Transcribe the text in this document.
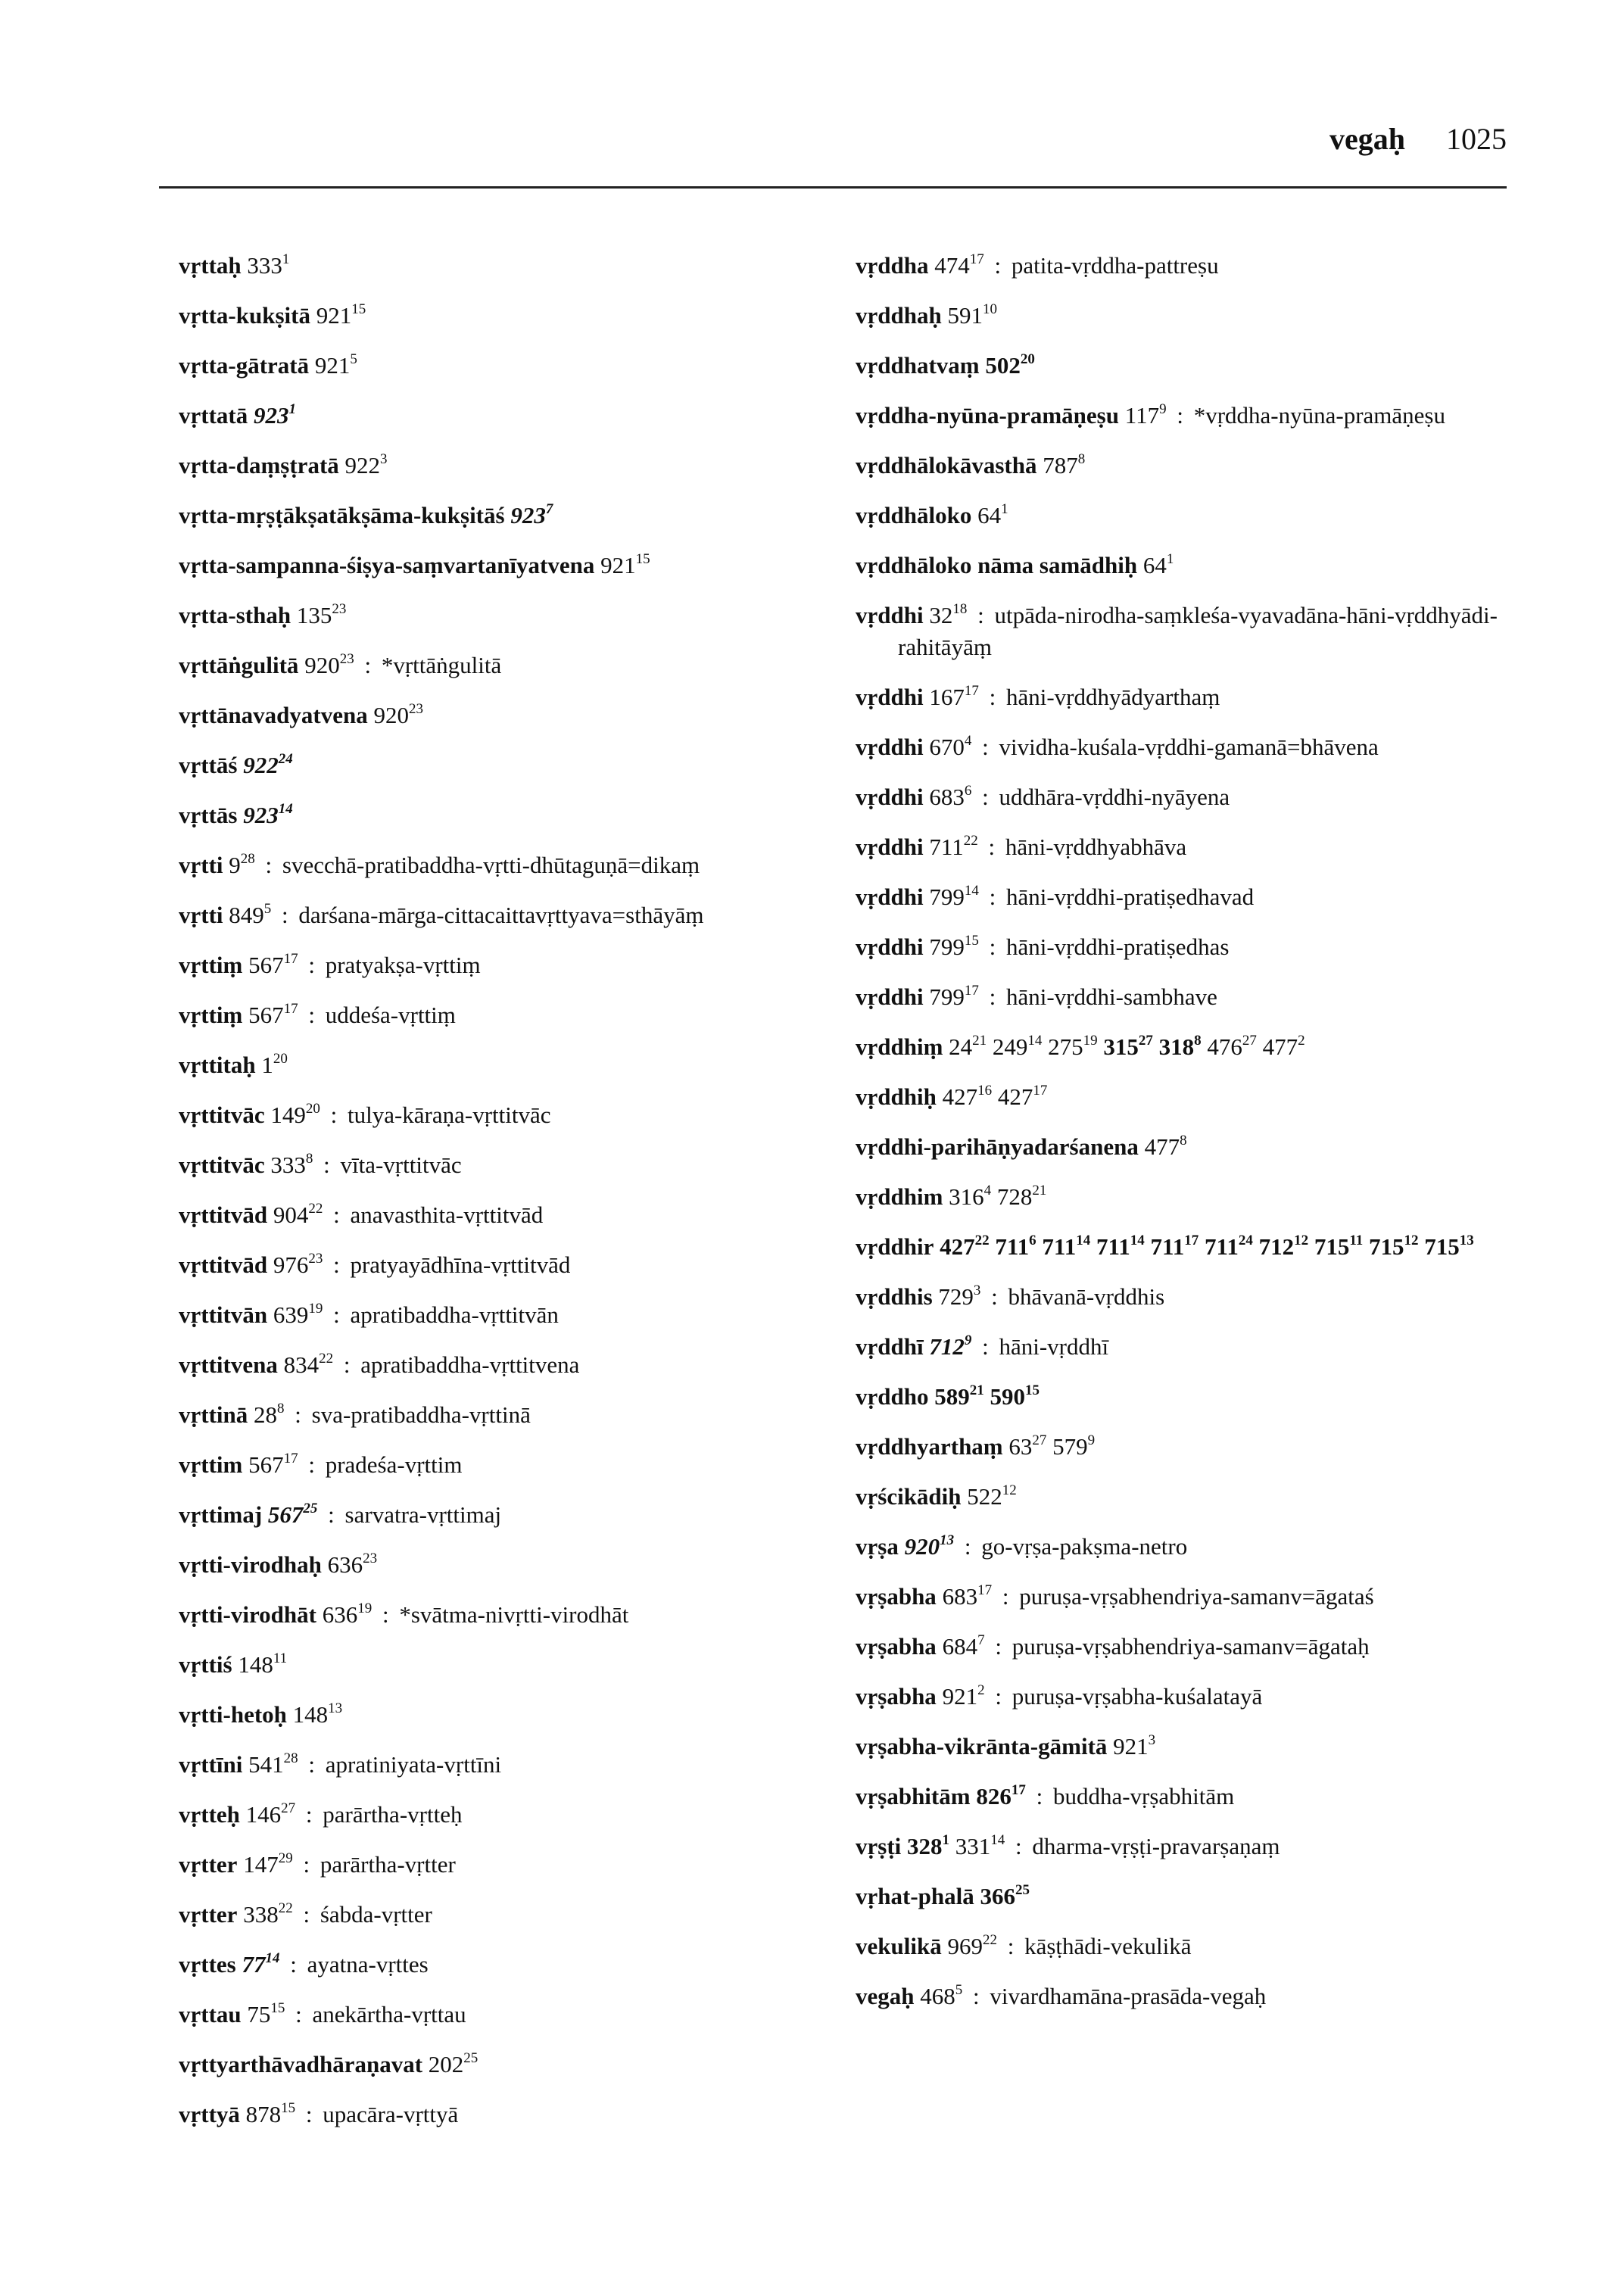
vegaḥ 1025
vṛttaḥ $333^1$
vṛtta-kukṣitā $921^{15}$
vṛtta-gātratā $921^5$
vṛttatā $923^1$
vṛtta-daṃṣṭratā $922^3$
vṛtta-mṛṣṭākṣatākṣāma-kukṣitāś $923^7$
vṛtta-sampanna-śiṣya-saṃvartanīyatvena $921^{15}$
vṛtta-sthaḥ $135^{23}$
vṛttāṅgulitā $920^{23}$ : *vṛttāṅgulitā
vṛttānavadyatvena $920^{23}$
vṛttāś $922^{24}$
vṛttās $923^{14}$
vṛtti $9^{28}$ : svecchā-pratibaddha-vṛtti-dhūtaguṇā=dikaṃ
vṛtti $849^5$ : darśana-mārga-cittacaittavṛttyava=sthāyāṃ
vṛttiṃ $567^{17}$ : pratyakṣa-vṛttiṃ
vṛttiṃ $567^{17}$ : uddeśa-vṛttiṃ
vṛttitaḥ $1^{20}$
vṛttitvāc $149^{20}$ : tulya-kāraṇa-vṛttitvāc
vṛttitvāc $333^8$ : vīta-vṛttitvāc
vṛttitvād $904^{22}$ : anavasthita-vṛttitvād
vṛttitvād $976^{23}$ : pratyayādhīna-vṛttitvād
vṛttitvān $639^{19}$ : apratibaddha-vṛttitvān
vṛttitvena $834^{22}$ : apratibaddha-vṛttitvena
vṛttinā $28^8$ : sva-pratibaddha-vṛttinā
vṛttim $567^{17}$ : pradeśa-vṛttim
vṛttimaj $567^{25}$ : sarvatra-vṛttimaj
vṛtti-virodhaḥ $636^{23}$
vṛtti-virodhāt $636^{19}$ : *svātma-nivṛtti-virodhāt
vṛttiś $148^{11}$
vṛtti-hetoḥ $148^{13}$
vṛttīni $541^{28}$ : apratiniyata-vṛttīni
vṛtteḥ $146^{27}$ : parārtha-vṛtteḥ
vṛtter $147^{29}$ : parārtha-vṛtter
vṛtter $338^{22}$ : śabda-vṛtter
vṛttes $77^{14}$ : ayatna-vṛttes
vṛttau $75^{15}$ : anekārtha-vṛttau
vṛttyarthāvadhāraṇavat $202^{25}$
vṛttyā $878^{15}$ : upacāra-vṛttyā
vṛddha $474^{17}$ : patita-vṛddha-pattreṣu
vṛddhaḥ $591^{10}$
vṛddhatvaṃ $502^{20}$
vṛddha-nyūna-pramāṇeṣu $117^9$ : *vṛddha-nyūna-pramāṇeṣu
vṛddhālokāvasthā $787^8$
vṛddhāloko $64^1$
vṛddhāloko nāma samādhiḥ $64^1$
vṛddhi $32^{18}$ : utpāda-nirodha-saṃkleśa-vyavadāna-hāni-vṛddhyādi-rahitāyāṃ
vṛddhi $167^{17}$ : hāni-vṛddhyādyarthaṃ
vṛddhi $670^4$ : vividha-kuśala-vṛddhi-gamanā=bhāvena
vṛddhi $683^6$ : uddhāra-vṛddhi-nyāyena
vṛddhi $711^{22}$ : hāni-vṛddhyabhāva
vṛddhi $799^{14}$ : hāni-vṛddhi-pratiṣedhavad
vṛddhi $799^{15}$ : hāni-vṛddhi-pratiṣedhas
vṛddhi $799^{17}$ : hāni-vṛddhi-sambhave
vṛddhiṃ $24^{21}$ $249^{14}$ $275^{19}$ $315^{27}$ $318^8$ $476^{27}$ $477^2$
vṛddhiḥ $427^{16}$ $427^{17}$
vṛddhi-parihāṇyadarśanena $477^8$
vṛddhim $316^4$ $728^{21}$
vṛddhir $427^{22}$ $711^6$ $711^{14}$ $711^{14}$ $711^{17}$ $711^{24}$ $712^{12}$ $715^{11}$ $715^{12}$ $715^{13}$
vṛddhis $729^3$ : bhāvanā-vṛddhis
vṛddhī $712^9$ : hāni-vṛddhī
vṛddho $589^{21}$ $590^{15}$
vṛddhyarthaṃ $63^{27}$ $579^9$
vṛścikādiḥ $522^{12}$
vṛṣa $920^{13}$ : go-vṛṣa-pakṣma-netro
vṛṣabha $683^{17}$ : puruṣa-vṛṣabhendriya-samanv=āgataś
vṛṣabha $684^7$ : puruṣa-vṛṣabhendriya-samanv=āgataḥ
vṛṣabha $921^2$ : puruṣa-vṛṣabha-kuśalatayā
vṛṣabha-vikrānta-gāmitā $921^3$
vṛṣabhitām $826^{17}$ : buddha-vṛṣabhitām
vṛṣṭi $328^1$ $331^{14}$ : dharma-vṛṣṭi-pravarṣaṇaṃ
vṛhat-phalā $366^{25}$
vekulikā $969^{22}$ : kāṣṭhādi-vekulikā
vegaḥ $468^5$ : vivardhamāna-prasāda-vegaḥ
